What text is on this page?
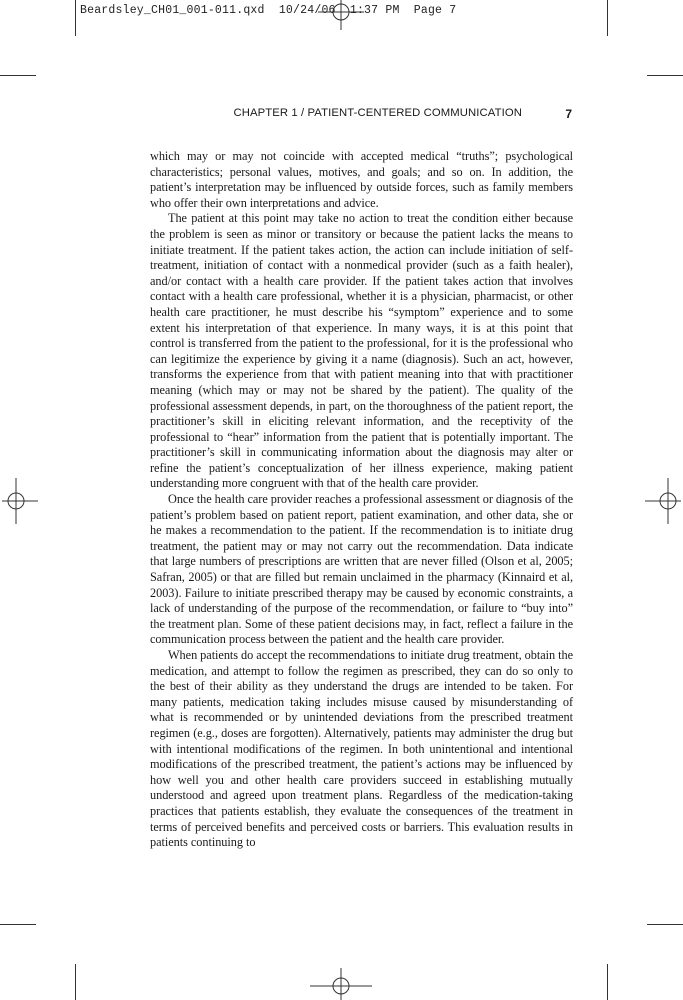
Beardsley_CH01_001-011.qxd  10/24/06  1:37 PM  Page 7
CHAPTER 1 / PATIENT-CENTERED COMMUNICATION	7

which may or may not coincide with accepted medical “truths”; psychological characteristics; personal values, motives, and goals; and so on. In addition, the patient’s interpretation may be influenced by outside forces, such as family members who offer their own interpretations and advice.

The patient at this point may take no action to treat the condition either because the problem is seen as minor or transitory or because the patient lacks the means to initiate treatment. If the patient takes action, the action can include initiation of self-treatment, initiation of contact with a nonmedical provider (such as a faith healer), and/or contact with a health care provider. If the patient takes action that involves contact with a health care professional, whether it is a physician, pharmacist, or other health care practitioner, he must describe his “symptom” experience and to some extent his interpretation of that experience. In many ways, it is at this point that control is transferred from the patient to the professional, for it is the professional who can legitimize the experience by giving it a name (diagnosis). Such an act, however, transforms the experience from that with patient meaning into that with practitioner meaning (which may or may not be shared by the patient). The quality of the professional assessment depends, in part, on the thoroughness of the patient report, the practitioner’s skill in eliciting relevant information, and the receptivity of the professional to “hear” information from the patient that is potentially important. The practitioner’s skill in communicating information about the diagnosis may alter or refine the patient’s conceptualization of her illness experience, making patient understanding more congruent with that of the health care provider.

Once the health care provider reaches a professional assessment or diagnosis of the patient’s problem based on patient report, patient examination, and other data, she or he makes a recommendation to the patient. If the recommendation is to initiate drug treatment, the patient may or may not carry out the recommendation. Data indicate that large numbers of prescriptions are written that are never filled (Olson et al, 2005; Safran, 2005) or that are filled but remain unclaimed in the pharmacy (Kinnaird et al, 2003). Failure to initiate prescribed therapy may be caused by economic constraints, a lack of understanding of the purpose of the recommendation, or failure to “buy into” the treatment plan. Some of these patient decisions may, in fact, reflect a failure in the communication process between the patient and the health care provider.

When patients do accept the recommendations to initiate drug treatment, obtain the medication, and attempt to follow the regimen as prescribed, they can do so only to the best of their ability as they understand the drugs are intended to be taken. For many patients, medication taking includes misuse caused by misunderstanding of what is recommended or by unintended deviations from the prescribed treatment regimen (e.g., doses are forgotten). Alternatively, patients may administer the drug but with intentional modifications of the regimen. In both unintentional and intentional modifications of the prescribed treatment, the patient’s actions may be influenced by how well you and other health care providers succeed in establishing mutually understood and agreed upon treatment plans. Regardless of the medication-taking practices that patients establish, they evaluate the consequences of the treatment in terms of perceived benefits and perceived costs or barriers. This evaluation results in patients continuing to
